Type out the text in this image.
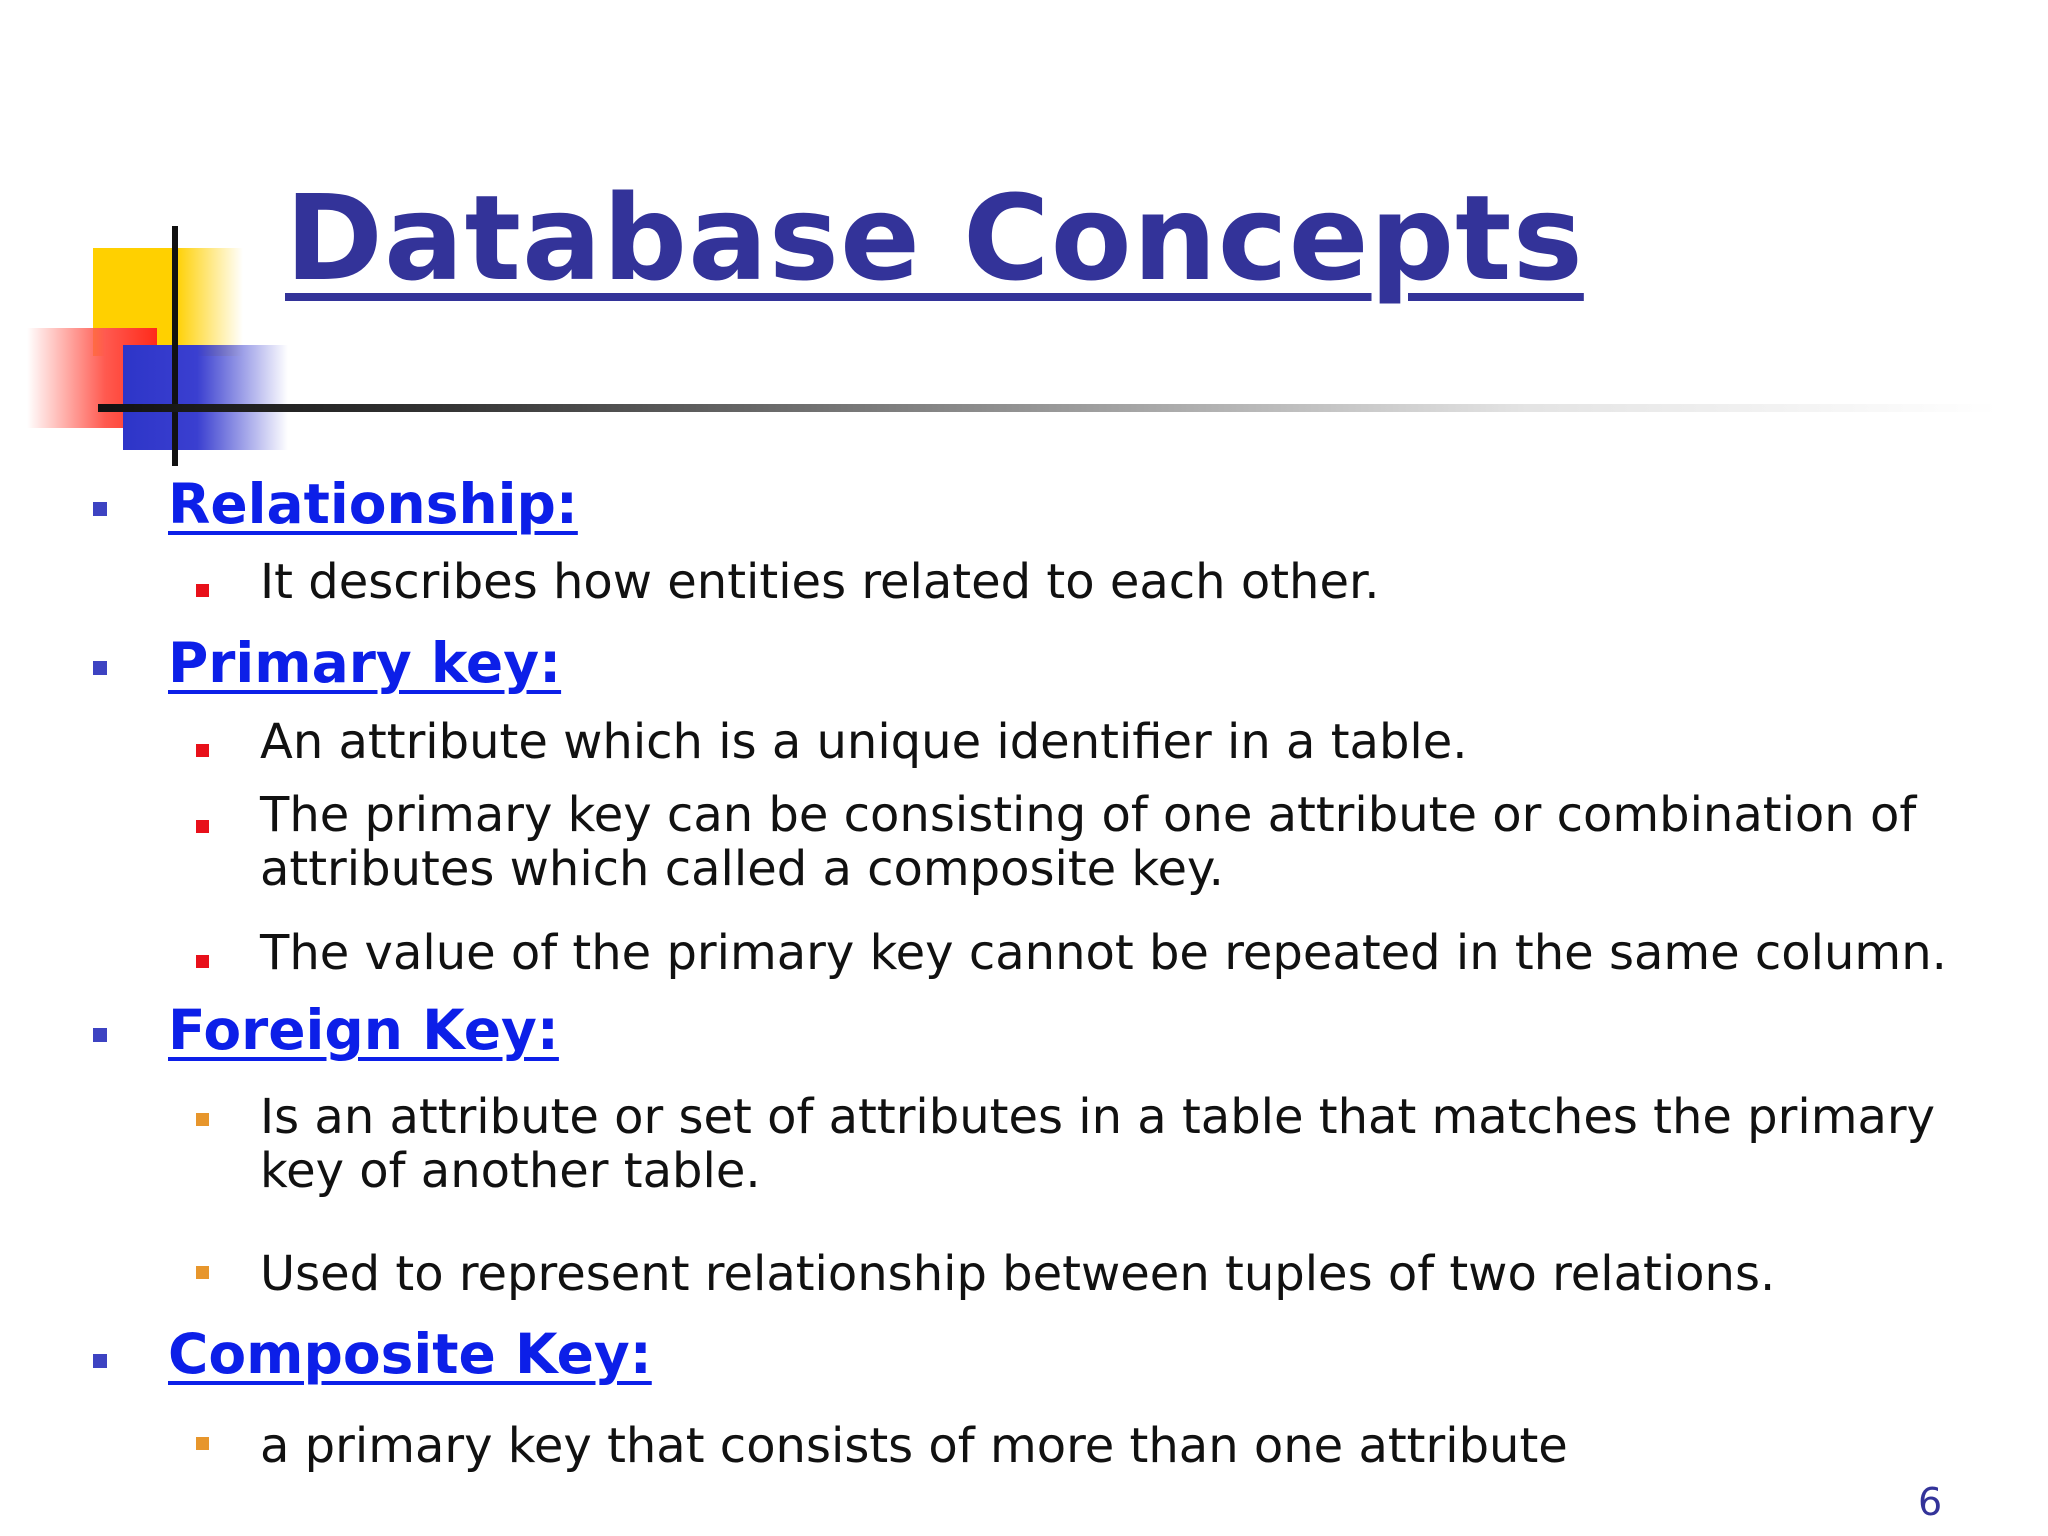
Database Concepts
Relationship:
It describes how entities related to each other.
Primary key:
An attribute which is a unique identifier in a table.
The primary key can be consisting of one attribute or combination of attributes which called a composite key.
The value of the primary key cannot be repeated in the same column.
Foreign Key:
Is an attribute or set of attributes in a table that matches the primary key of another table.
Used to represent relationship between tuples of two relations.
Composite Key:
a primary key that consists of more than one attribute
6
